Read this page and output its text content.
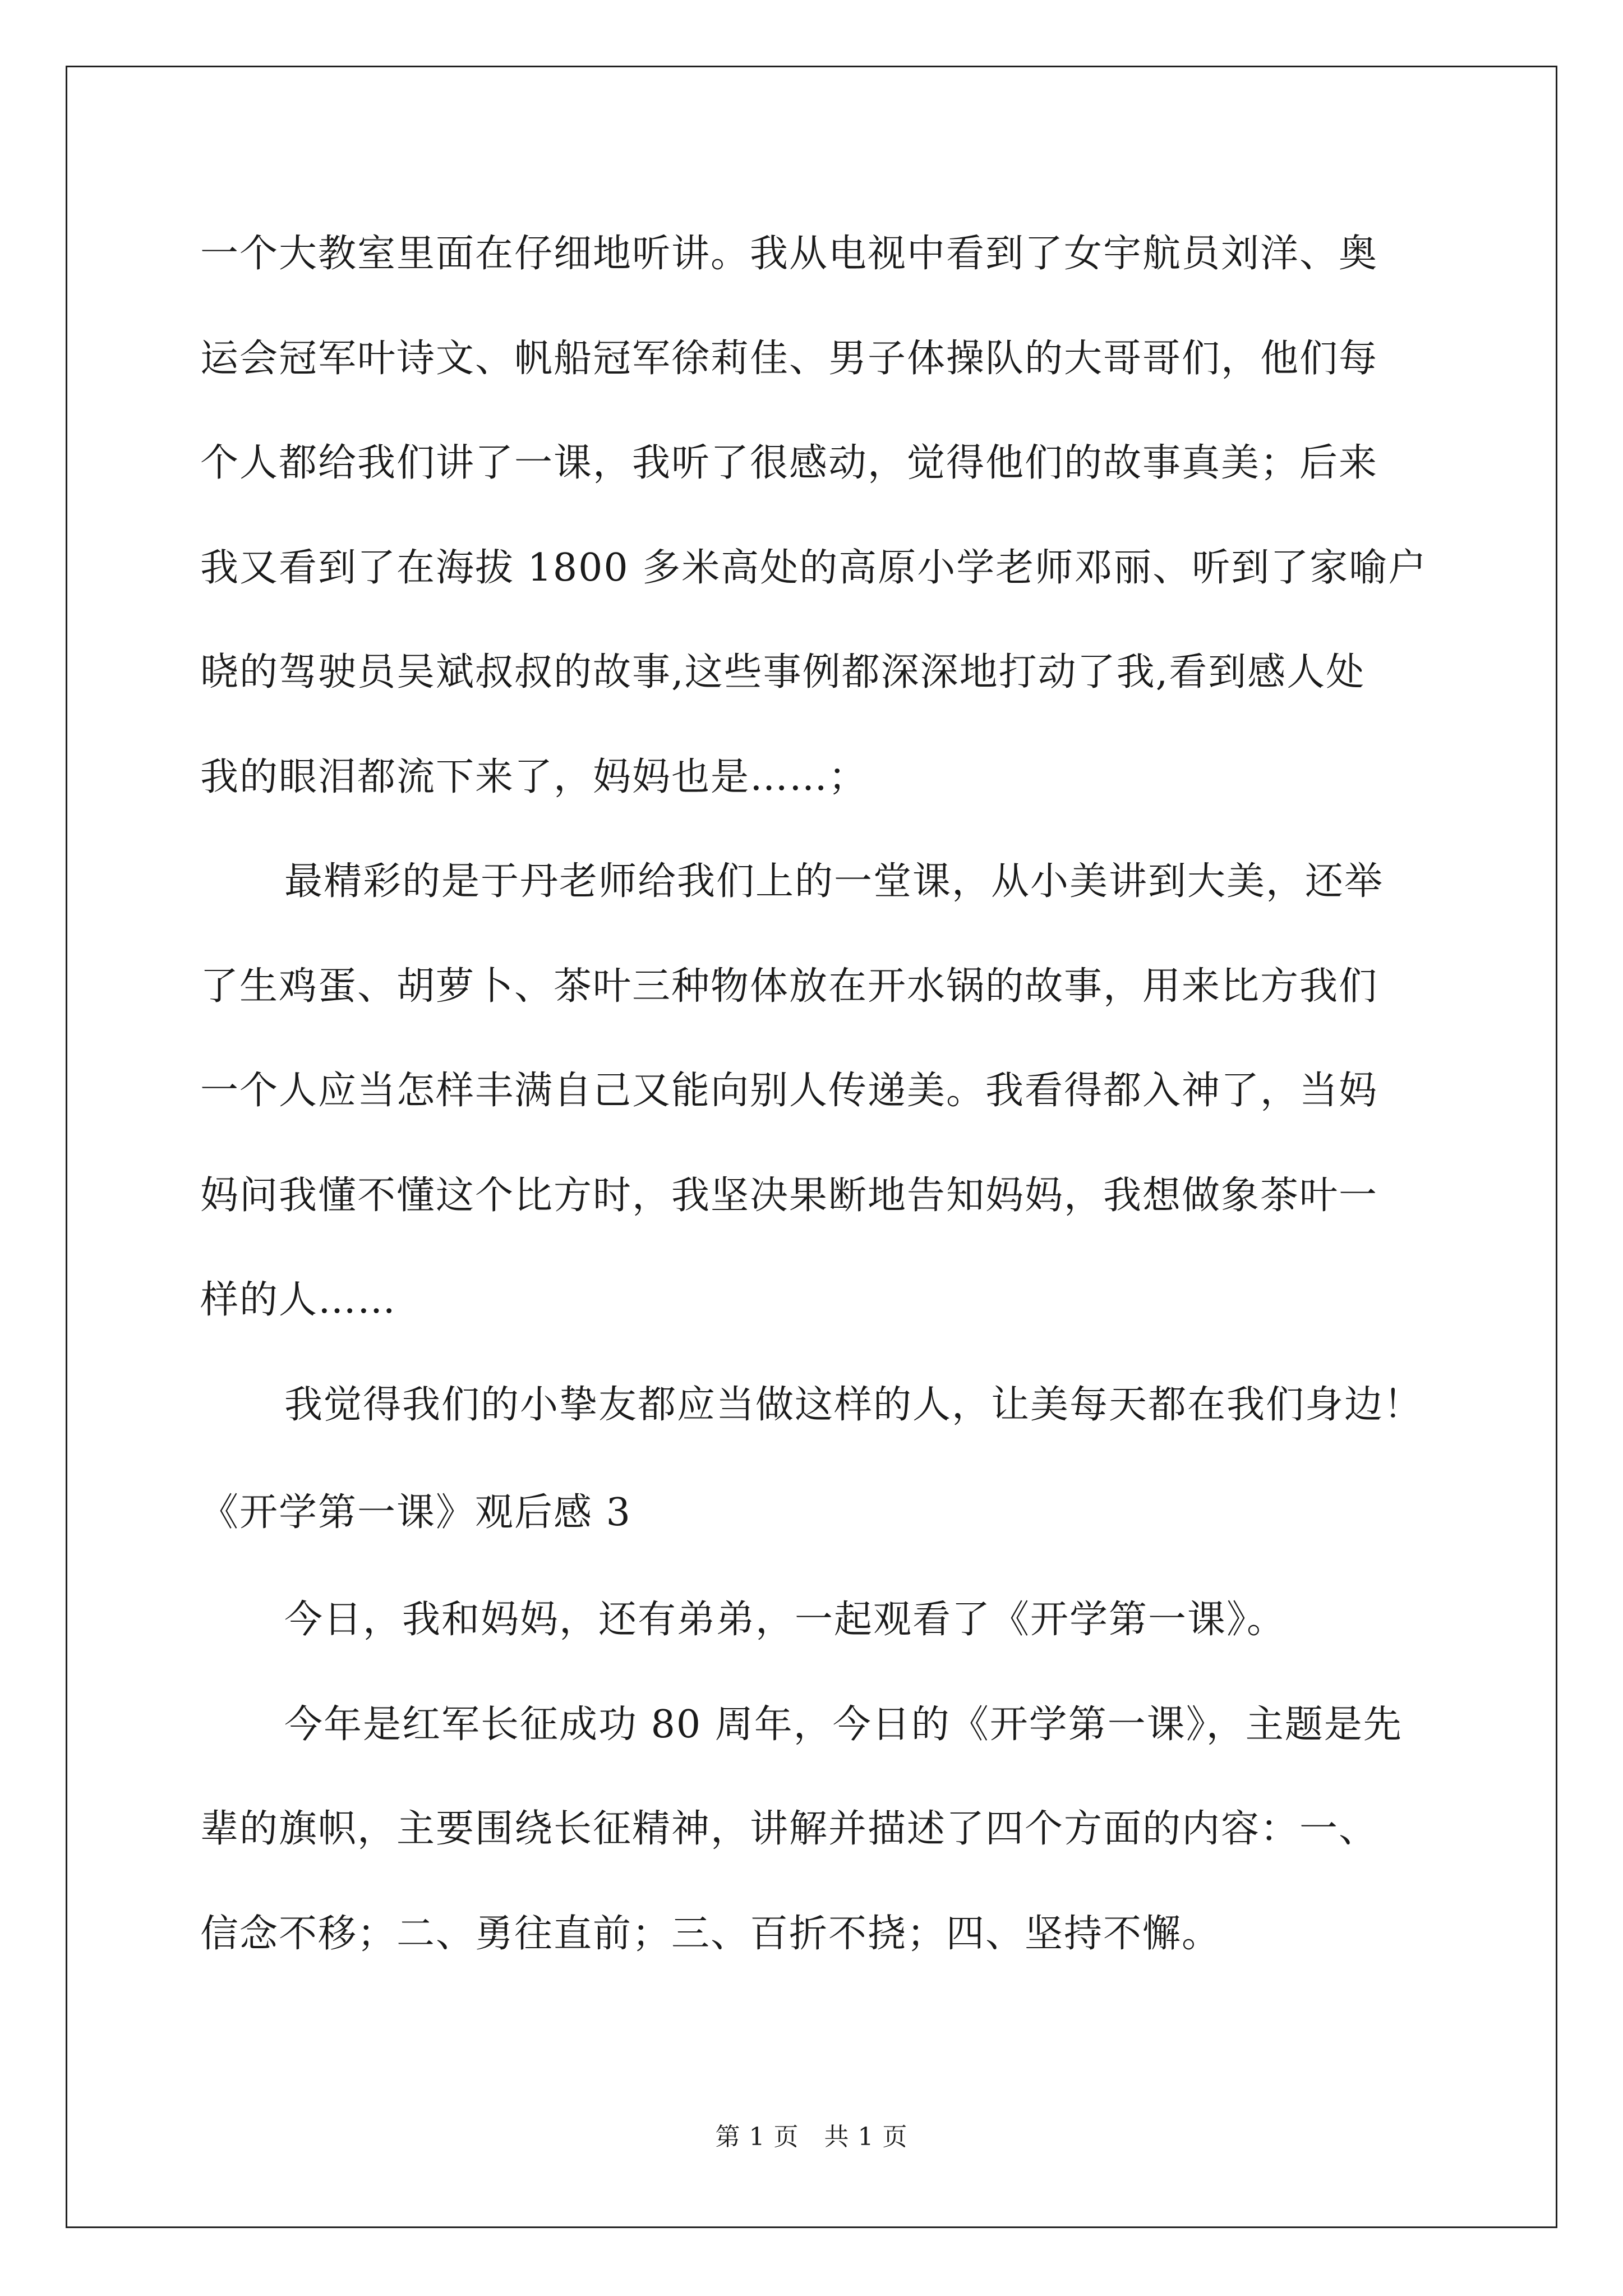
一个大教室里面在仔细地听讲。我从电视中看到了女宇航员刘洋、奥
运会冠军叶诗文、帆船冠军徐莉佳、男子体操队的大哥哥们，他们每
个人都给我们讲了一课，我听了很感动，觉得他们的故事真美；后来
我又看到了在海拔 1800 多米高处的高原小学老师邓丽、听到了家喻户
晓的驾驶员吴斌叔叔的故事,这些事例都深深地打动了我,看到感人处
我的眼泪都流下来了，妈妈也是……；
最精彩的是于丹老师给我们上的一堂课，从小美讲到大美，还举
了生鸡蛋、胡萝卜、茶叶三种物体放在开水锅的故事，用来比方我们
一个人应当怎样丰满自己又能向别人传递美。我看得都入神了，当妈
妈问我懂不懂这个比方时，我坚决果断地告知妈妈，我想做象茶叶一
样的人……
我觉得我们的小挚友都应当做这样的人，让美每天都在我们身边！
《开学第一课》观后感 3
今日，我和妈妈，还有弟弟，一起观看了《开学第一课》。
今年是红军长征成功 80 周年，今日的《开学第一课》，主题是先
辈的旗帜，主要围绕长征精神，讲解并描述了四个方面的内容：一、
信念不移；二、勇往直前；三、百折不挠；四、坚持不懈。
第 1 页　共 1 页
